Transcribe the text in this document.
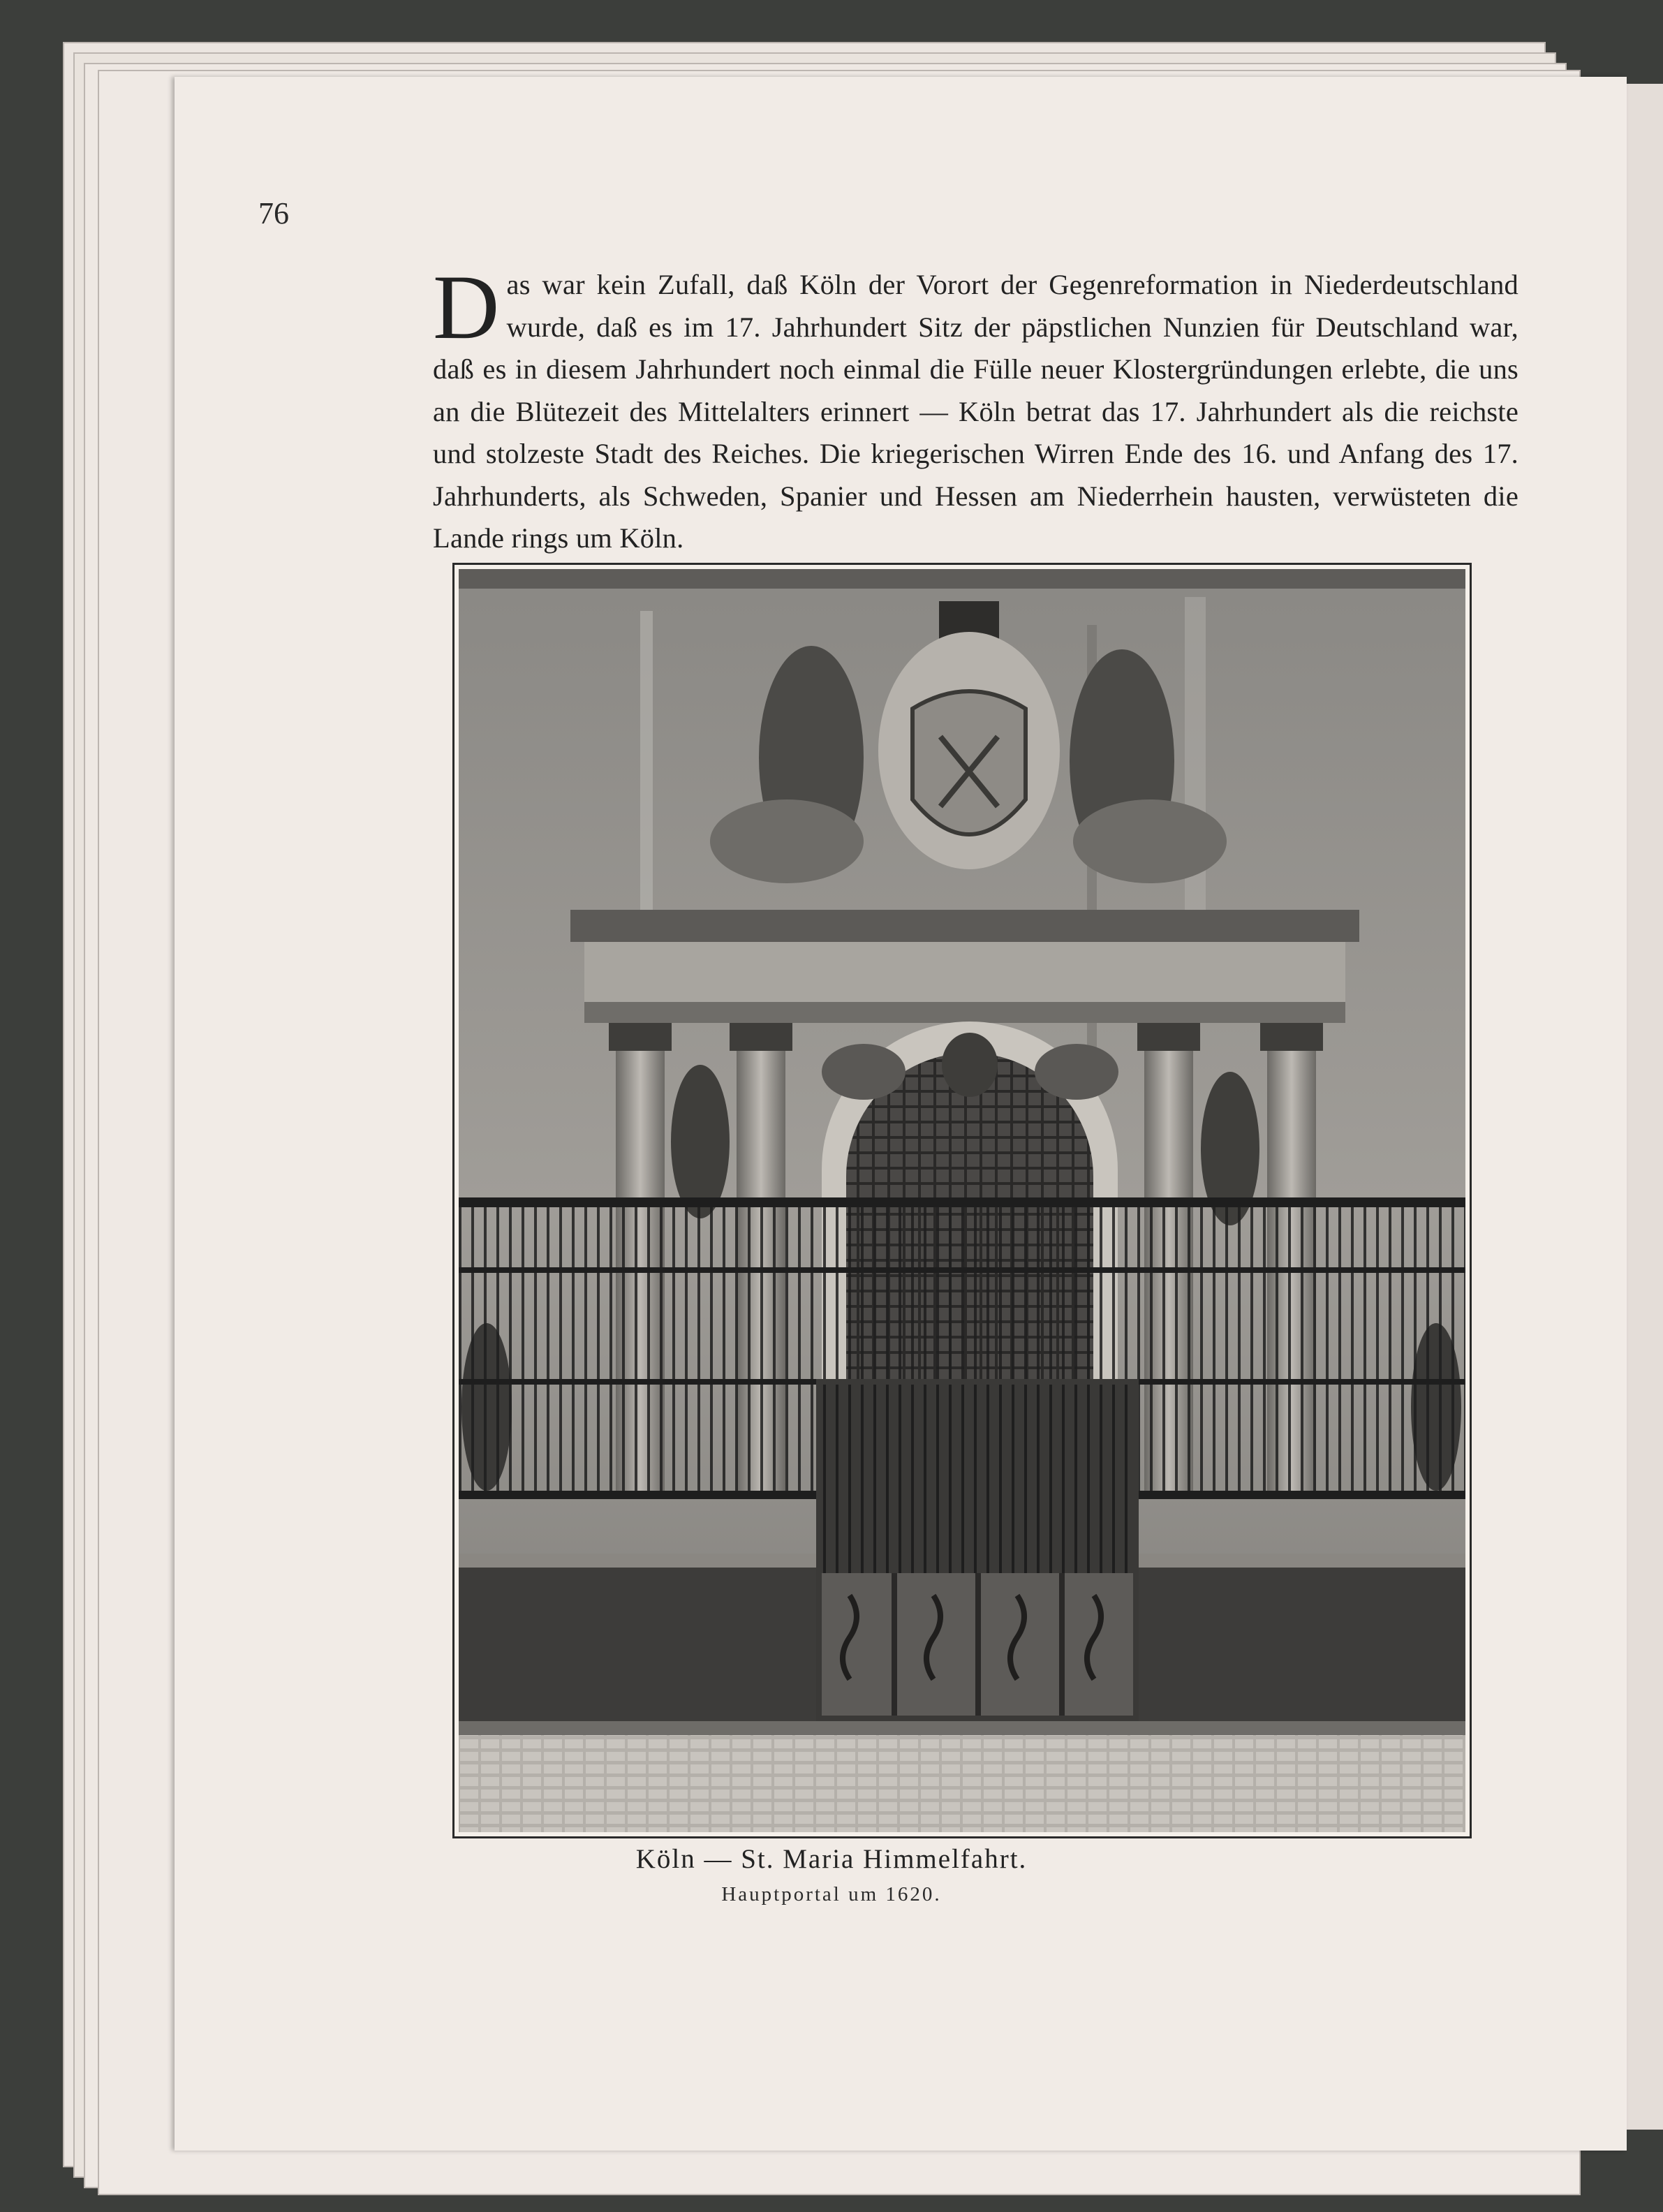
76
D as war kein Zufall, daß Köln der Vorort der Gegenreformation in Niederdeutschland wurde, daß es im 17. Jahrhundert Sitz der päpstlichen Nunzien für Deutschland war, daß es in diesem Jahrhundert noch einmal die Fülle neuer Klostergründungen erlebte, die uns an die Blütezeit des Mittelalters erinnert — Köln betrat das 17. Jahrhundert als die reichste und stolzeste Stadt des Reiches. Die kriegerischen Wirren Ende des 16. und Anfang des 17. Jahrhunderts, als Schweden, Spanier und Hessen am Niederrhein hausten, verwüsteten die Lande rings um Köln.
Köln — St. Maria Himmelfahrt.
Hauptportal um 1620.
